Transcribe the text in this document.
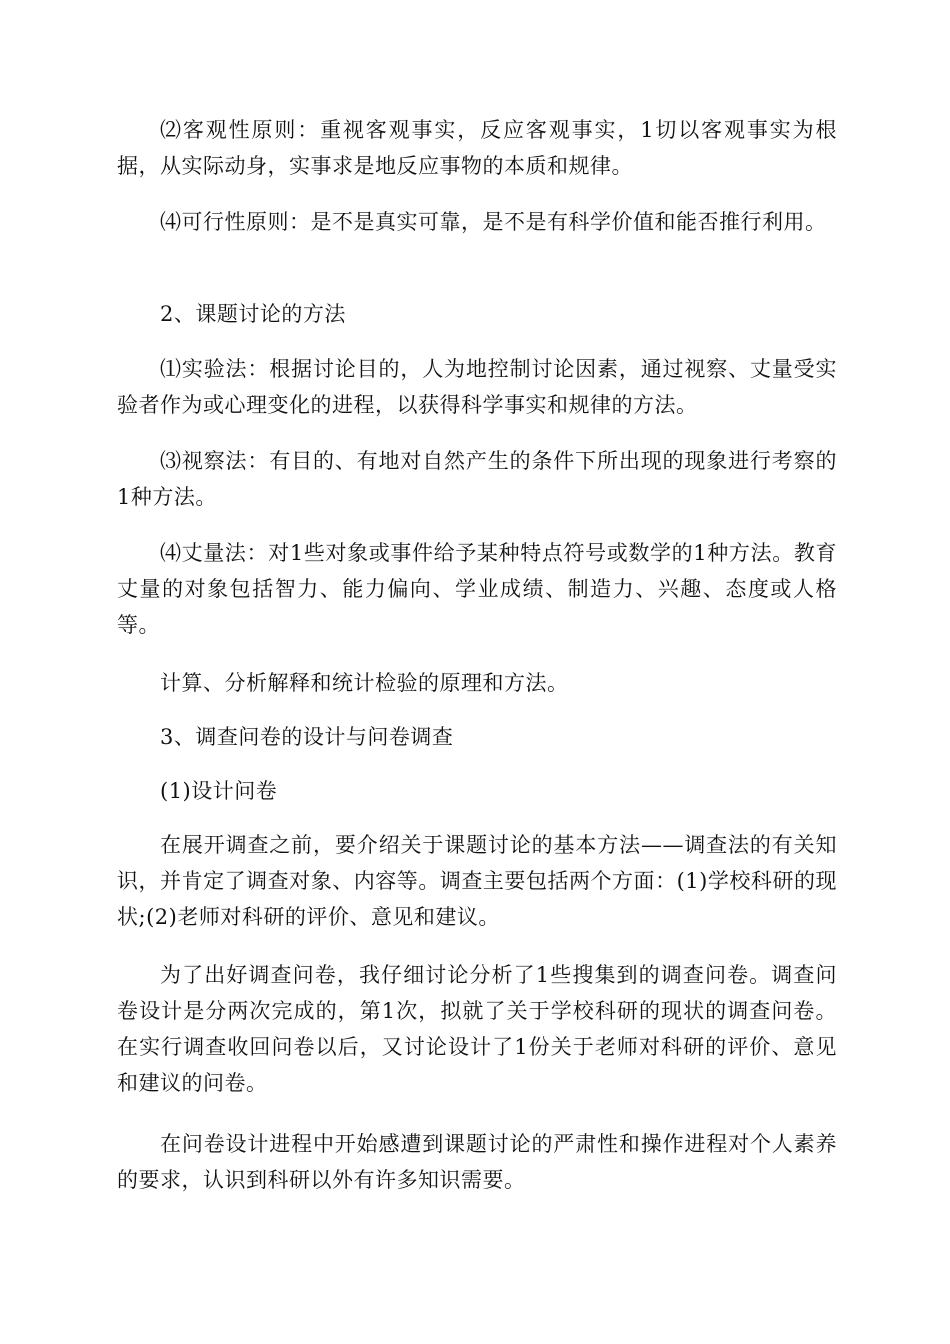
⑵客观性原则：重视客观事实，反应客观事实，1切以客观事实为根据，从实际动身，实事求是地反应事物的本质和规律。

⑷可行性原则：是不是真实可靠，是不是有科学价值和能否推行利用。

2、课题讨论的方法

⑴实验法：根据讨论目的，人为地控制讨论因素，通过视察、丈量受实验者作为或心理变化的进程，以获得科学事实和规律的方法。

⑶视察法：有目的、有地对自然产生的条件下所出现的现象进行考察的1种方法。

⑷丈量法：对1些对象或事件给予某种特点符号或数学的1种方法。教育丈量的对象包括智力、能力偏向、学业成绩、制造力、兴趣、态度或人格等。

计算、分析解释和统计检验的原理和方法。

3、调查问卷的设计与问卷调查

(1)设计问卷

在展开调查之前，要介绍关于课题讨论的基本方法——调查法的有关知识，并肯定了调查对象、内容等。调查主要包括两个方面：(1)学校科研的现状;(2)老师对科研的评价、意见和建议。

为了出好调查问卷，我仔细讨论分析了1些搜集到的调查问卷。调查问卷设计是分两次完成的，第1次，拟就了关于学校科研的现状的调查问卷。在实行调查收回问卷以后，又讨论设计了1份关于老师对科研的评价、意见和建议的问卷。

在问卷设计进程中开始感遭到课题讨论的严肃性和操作进程对个人素养的要求，认识到科研以外有许多知识需要。
